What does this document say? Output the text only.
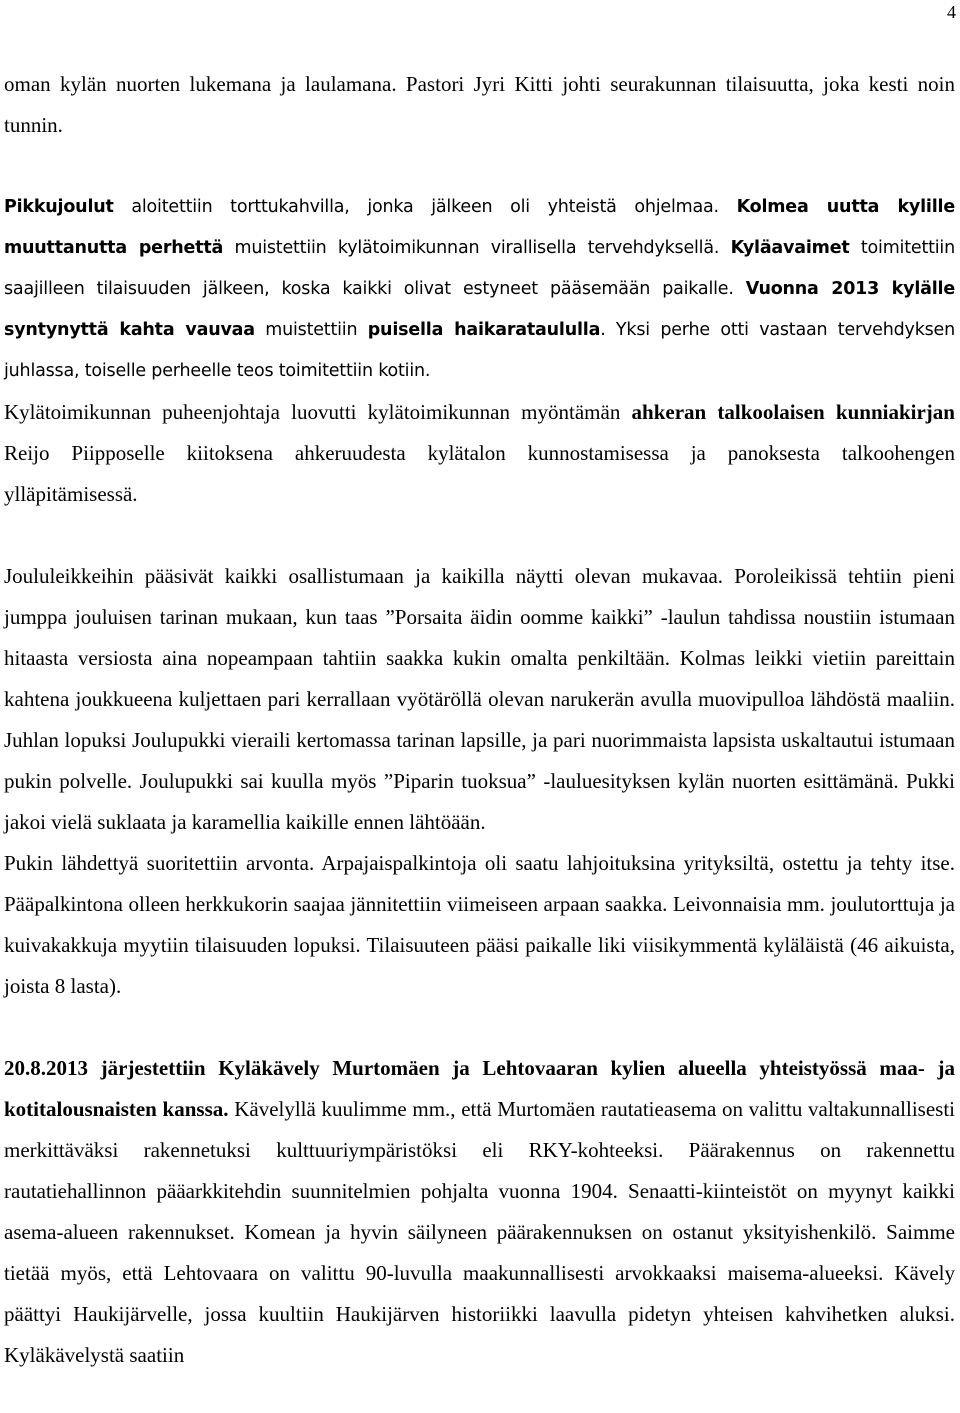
4

oman kylän nuorten lukemana ja laulamana. Pastori Jyri Kitti johti seurakunnan tilaisuutta, joka kesti noin tunnin.

Pikkujoulut aloitettiin torttukahvilla, jonka jälkeen oli yhteistä ohjelmaa. Kolmea uutta kylille muuttanutta perhettä muistettiin kylätoimikunnan virallisella tervehdyksellä. Kyläavaimet toimitettiin saajilleen tilaisuuden jälkeen, koska kaikki olivat estyneet pääsemään paikalle. Vuonna 2013 kylälle syntynyttä kahta vauvaa muistettiin puisella haikarataululla. Yksi perhe otti vastaan tervehdyksen juhlassa, toiselle perheelle teos toimitettiin kotiin.

Kylätoimikunnan puheenjohtaja luovutti kylätoimikunnan myöntämän ahkeran talkoolaisen kunniakirjan Reijo Piipposelle kiitoksena ahkeruudesta kylätalon kunnostamisessa ja panoksesta talkoohengen ylläpitämisessä.

Joululeikkeihin pääsivät kaikki osallistumaan ja kaikilla näytti olevan mukavaa. Poroleikissä tehtiin pieni jumppa jouluisen tarinan mukaan, kun taas ”Porsaita äidin oomme kaikki” -laulun tahdissa noustiin istumaan hitaasta versiosta aina nopeampaan tahtiin saakka kukin omalta penkiltään. Kolmas leikki vietiin pareittain kahtena joukkueena kuljettaen pari kerrallaan vyötäröllä olevan narukerän avulla muovipulloa lähdöstä maaliin. Juhlan lopuksi Joulupukki vieraili kertomassa tarinan lapsille, ja pari nuorimmaista lapsista uskaltautui istumaan pukin polvelle. Joulupukki sai kuulla myös ”Piparin tuoksua” -lauluesityksen kylän nuorten esittämänä. Pukki jakoi vielä suklaata ja karamellia kaikille ennen lähtöään.

Pukin lähdettyä suoritettiin arvonta. Arpajaispalkintoja oli saatu lahjoituksina yrityksiltä, ostettu ja tehty itse. Pääpalkintona olleen herkkukorin saajaa jännitettiin viimeiseen arpaan saakka. Leivonnaisia mm. joulutorttuja ja kuivakakkuja myytiin tilaisuuden lopuksi. Tilaisuuteen pääsi paikalle liki viisikymmentä kyläläistä (46 aikuista, joista 8 lasta).

20.8.2013 järjestettiin Kyläkävely Murtomäen ja Lehtovaaran kylien alueella yhteistyössä maa- ja kotitalousnaisten kanssa. Kävelyllä kuulimme mm., että Murtomäen rautatieasema on valittu valtakunnallisesti merkittäväksi rakennetuksi kulttuuriympäristöksi eli RKY-kohteeksi. Päärakennus on rakennettu rautatiehallinnon pääarkkitehdin suunnitelmien pohjalta vuonna 1904. Senaatti-kiinteistöt on myynyt kaikki asema-alueen rakennukset. Komean ja hyvin säilyneen päärakennuksen on ostanut yksityishenkilö. Saimme tietää myös, että Lehtovaara on valittu 90-luvulla maakunnallisesti arvokkaaksi maisema-alueeksi. Kävely päättyi Haukijärvelle, jossa kuultiin Haukijärven historiikki laavulla pidetyn yhteisen kahvihetken aluksi. Kyläkävelystä saatiin
